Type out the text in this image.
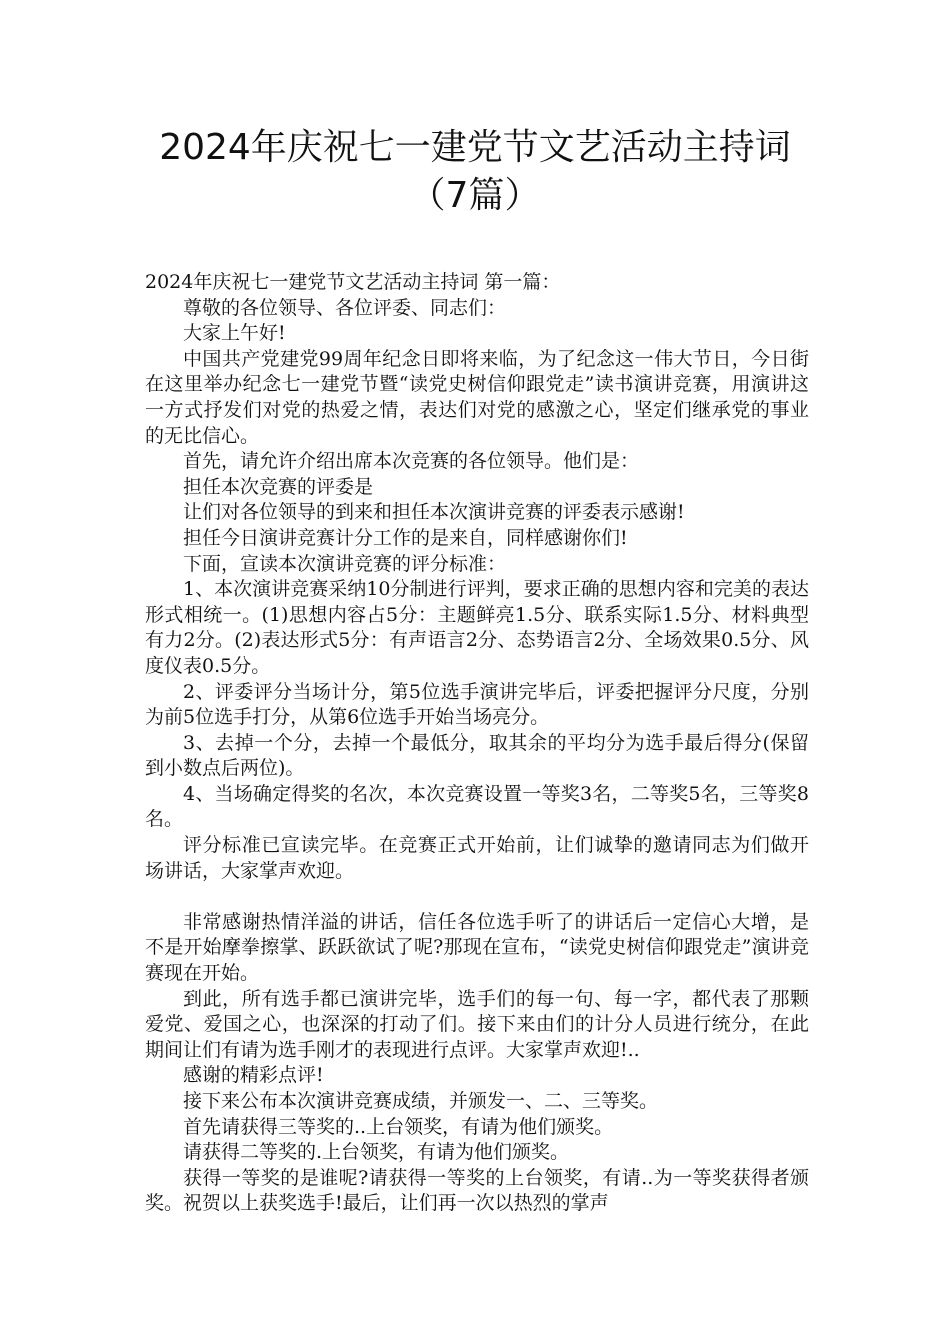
2024年庆祝七一建党节文艺活动主持词
（7篇）

2024年庆祝七一建党节文艺活动主持词 第一篇：

尊敬的各位领导、各位评委、同志们：

大家上午好!

中国共产党建党99周年纪念日即将来临，为了纪念这一伟大节日，今日街在这里举办纪念七一建党节暨“读党史树信仰跟党走”读书演讲竞赛，用演讲这一方式抒发们对党的热爱之情，表达们对党的感激之心，坚定们继承党的事业的无比信心。

首先，请允许介绍出席本次竞赛的各位领导。他们是：

担任本次竞赛的评委是

让们对各位领导的到来和担任本次演讲竞赛的评委表示感谢!

担任今日演讲竞赛计分工作的是来自，同样感谢你们!

下面，宣读本次演讲竞赛的评分标准：

1、本次演讲竞赛采纳10分制进行评判，要求正确的思想内容和完美的表达形式相统一。(1)思想内容占5分：主题鲜亮1.5分、联系实际1.5分、材料典型有力2分。(2)表达形式5分：有声语言2分、态势语言2分、全场效果0.5分、风度仪表0.5分。

2、评委评分当场计分，第5位选手演讲完毕后，评委把握评分尺度，分别为前5位选手打分，从第6位选手开始当场亮分。

3、去掉一个分，去掉一个最低分，取其余的平均分为选手最后得分(保留到小数点后两位)。

4、当场确定得奖的名次，本次竞赛设置一等奖3名，二等奖5名，三等奖8名。

评分标准已宣读完毕。在竞赛正式开始前，让们诚挚的邀请同志为们做开场讲话，大家掌声欢迎。

非常感谢热情洋溢的讲话，信任各位选手听了的讲话后一定信心大增，是不是开始摩拳擦掌、跃跃欲试了呢?那现在宣布，“读党史树信仰跟党走”演讲竞赛现在开始。

到此，所有选手都已演讲完毕，选手们的每一句、每一字，都代表了那颗爱党、爱国之心，也深深的打动了们。接下来由们的计分人员进行统分，在此期间让们有请为选手刚才的表现进行点评。大家掌声欢迎!..

感谢的精彩点评!

接下来公布本次演讲竞赛成绩，并颁发一、二、三等奖。

首先请获得三等奖的..上台领奖，有请为他们颁奖。

请获得二等奖的.上台领奖，有请为他们颁奖。

获得一等奖的是谁呢?请获得一等奖的上台领奖，有请..为一等奖获得者颁奖。祝贺以上获奖选手!最后，让们再一次以热烈的掌声
